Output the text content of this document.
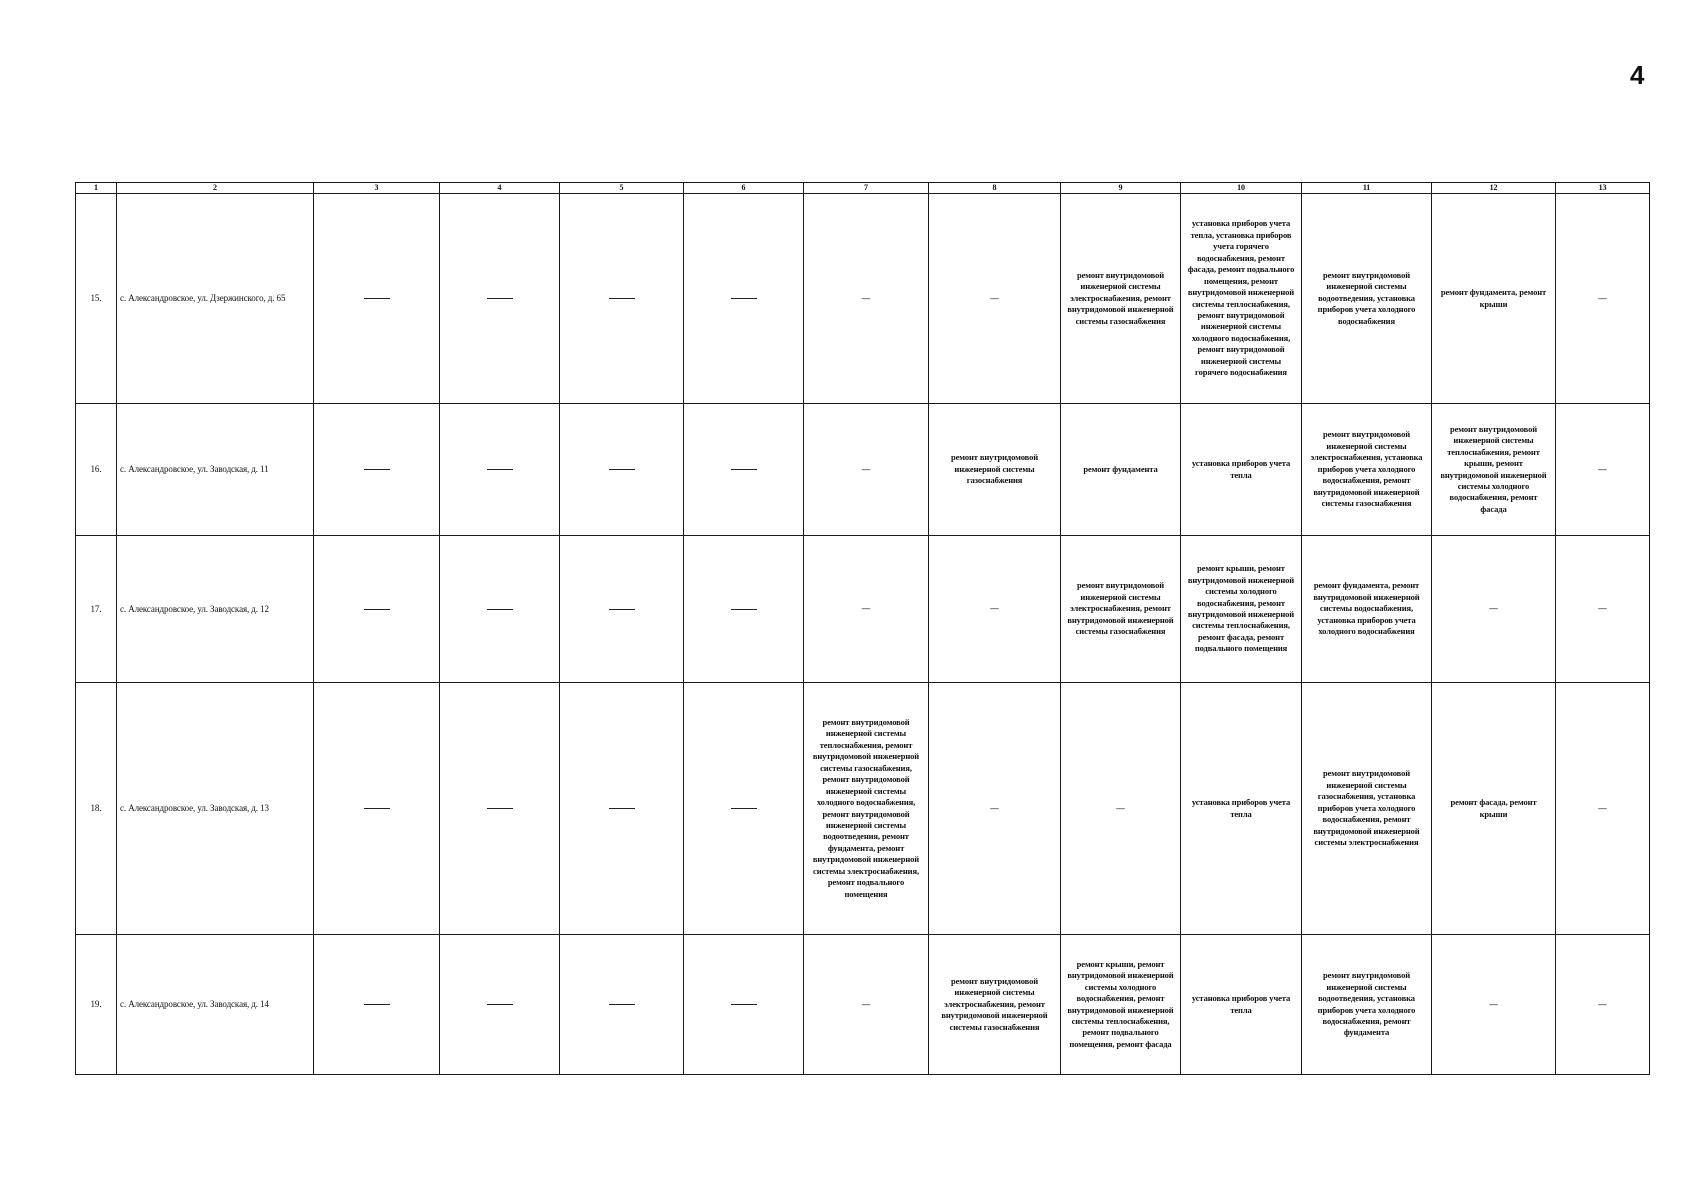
4
1	2	3	4	5	6	7	8	9	10	11	12	13
15.	с. Александровское, ул. Дзержинского, д. 65					—	—	ремонт внутридомовой инженерной системы электроснабжения, ремонт внутридомовой инженерной системы газоснабжения	установка приборов учета тепла, установка приборов учета горячего водоснабжения, ремонт фасада, ремонт подвального помещения, ремонт внутридомовой инженерной системы теплоснабжения, ремонт внутридомовой инженерной системы холодного водоснабжения, ремонт внутридомовой инженерной системы горячего водоснабжения	ремонт внутридомовой инженерной системы водоотведения, установка приборов учета холодного водоснабжения	ремонт фундамента, ремонт крыши	—
16.	с. Александровское, ул. Заводская, д. 11					—	ремонт внутридомовой инженерной системы газоснабжения	ремонт фундамента	установка приборов учета тепла	ремонт внутридомовой инженерной системы электроснабжения, установка приборов учета холодного водоснабжения, ремонт внутридомовой инженерной системы газоснабжения	ремонт внутридомовой инженерной системы теплоснабжения, ремонт крыши, ремонт внутридомовой инженерной системы холодного водоснабжения, ремонт фасада	—
17.	с. Александровское, ул. Заводская, д. 12					—	—	ремонт внутридомовой инженерной системы электроснабжения, ремонт внутридомовой инженерной системы газоснабжения	ремонт крыши, ремонт внутридомовой инженерной системы холодного водоснабжения, ремонт внутридомовой инженерной системы теплоснабжения, ремонт фасада, ремонт подвального помещения	ремонт фундамента, ремонт внутридомовой инженерной системы водоснабжения, установка приборов учета холодного водоснабжения	—	—
18.	с. Александровское, ул. Заводская, д. 13					ремонт внутридомовой инженерной системы теплоснабжения, ремонт внутридомовой инженерной системы газоснабжения, ремонт внутридомовой инженерной системы холодного водоснабжения, ремонт внутридомовой инженерной системы водоотведения, ремонт фундамента, ремонт внутридомовой инженерной системы электроснабжения, ремонт подвального помещения	—	—	установка приборов учета тепла	ремонт внутридомовой инженерной системы газоснабжения, установка приборов учета холодного водоснабжения, ремонт внутридомовой инженерной системы электроснабжения	ремонт фасада, ремонт крыши	—
19.	с. Александровское, ул. Заводская, д. 14					—	ремонт внутридомовой инженерной системы электроснабжения, ремонт внутридомовой инженерной системы газоснабжения	ремонт крыши, ремонт внутридомовой инженерной системы холодного водоснабжения, ремонт внутридомовой инженерной системы теплоснабжения, ремонт подвального помещения, ремонт фасада	установка приборов учета тепла	ремонт внутридомовой инженерной системы водоотведения, установка приборов учета холодного водоснабжения, ремонт фундамента	—	—
